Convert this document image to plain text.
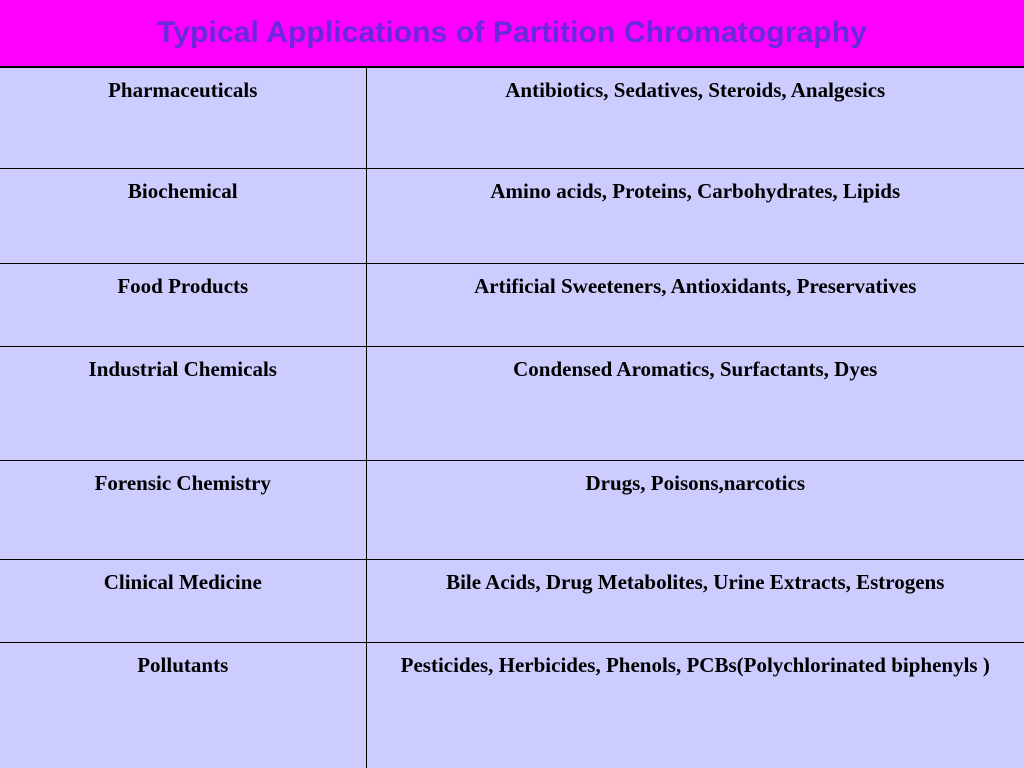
Typical Applications of Partition Chromatography
Pharmaceuticals	Antibiotics, Sedatives, Steroids, Analgesics
Biochemical	Amino acids, Proteins, Carbohydrates, Lipids
Food Products	Artificial Sweeteners, Antioxidants, Preservatives
Industrial Chemicals	Condensed Aromatics, Surfactants, Dyes
Forensic Chemistry	Drugs, Poisons,narcotics
Clinical Medicine	Bile Acids, Drug Metabolites, Urine Extracts, Estrogens
Pollutants	Pesticides, Herbicides, Phenols, PCBs(Polychlorinated biphenyls )
